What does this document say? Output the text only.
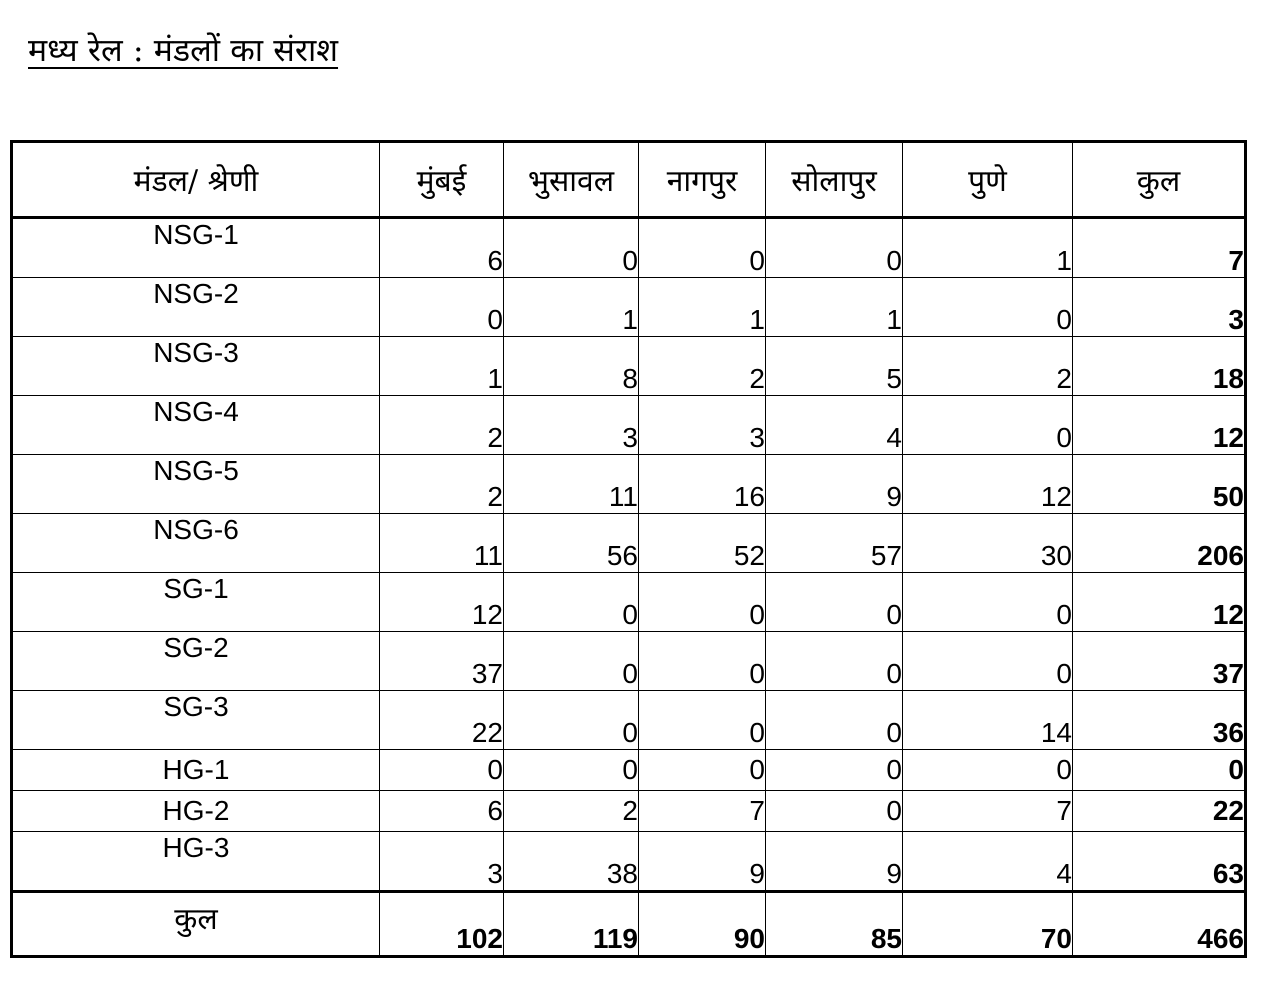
मध्य रेल : मंडलों का संराश
मंडल/ श्रेणी	मुंबई	भुसावल	नागपुर	सोलापुर	पुणे	कुल
NSG-1	6	0	0	0	1	7
NSG-2	0	1	1	1	0	3
NSG-3	1	8	2	5	2	18
NSG-4	2	3	3	4	0	12
NSG-5	2	11	16	9	12	50
NSG-6	11	56	52	57	30	206
SG-1	12	0	0	0	0	12
SG-2	37	0	0	0	0	37
SG-3	22	0	0	0	14	36
HG-1	0	0	0	0	0	0
HG-2	6	2	7	0	7	22
HG-3	3	38	9	9	4	63
कुल	102	119	90	85	70	466
